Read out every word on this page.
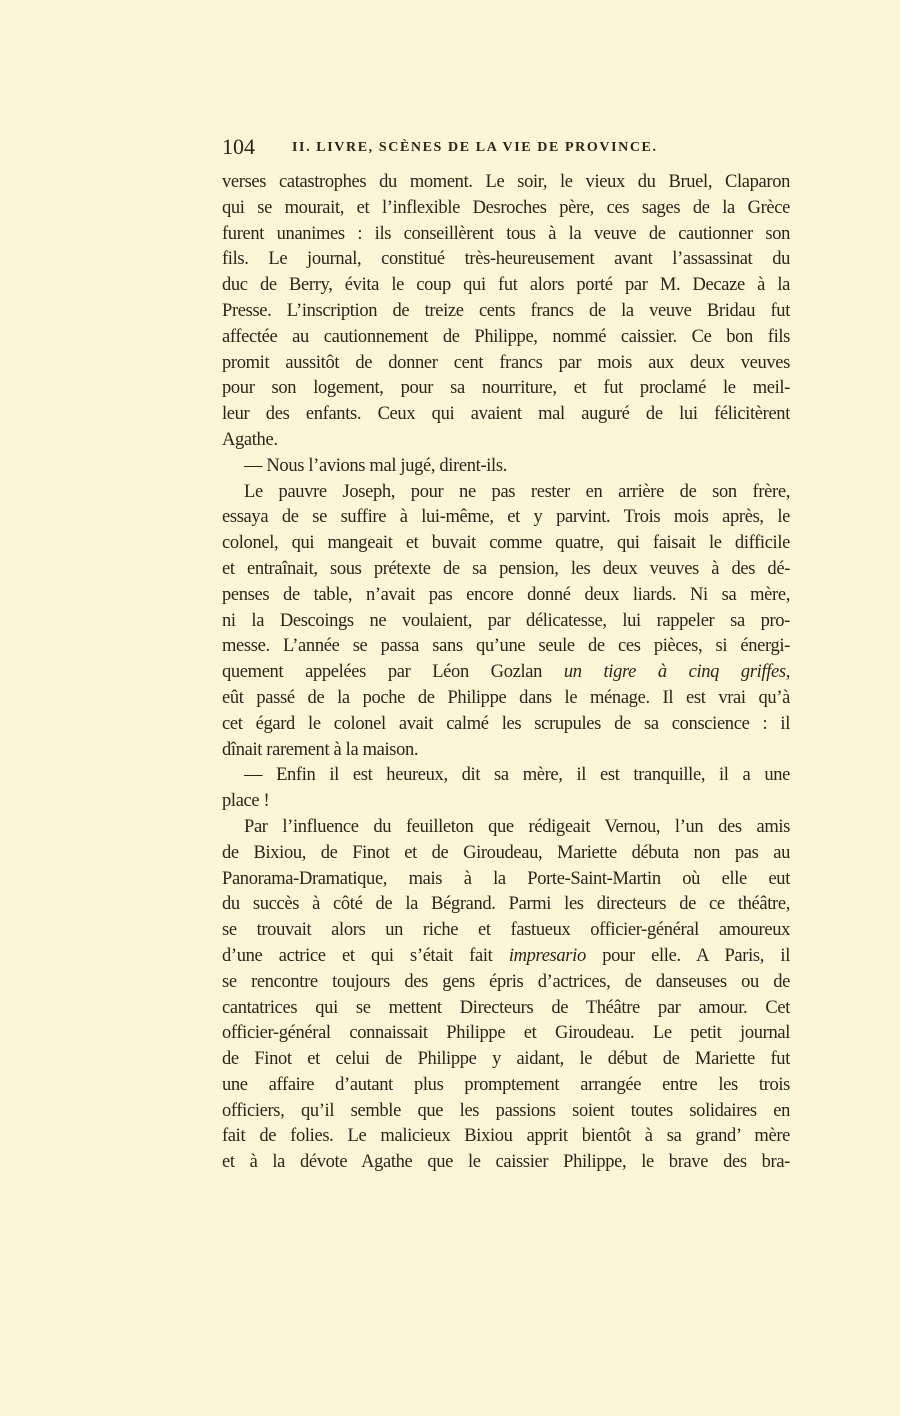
104	II. LIVRE, SCÈNES DE LA VIE DE PROVINCE.
verses catastrophes du moment. Le soir, le vieux du Bruel, Claparon
qui se mourait, et l’inflexible Desroches père, ces sages de la Grèce
furent unanimes : ils conseillèrent tous à la veuve de cautionner son
fils. Le journal, constitué très-heureusement avant l’assassinat du
duc de Berry, évita le coup qui fut alors porté par M. Decaze à la
Presse. L’inscription de treize cents francs de la veuve Bridau fut
affectée au cautionnement de Philippe, nommé caissier. Ce bon fils
promit aussitôt de donner cent francs par mois aux deux veuves
pour son logement, pour sa nourriture, et fut proclamé le meil-
leur des enfants. Ceux qui avaient mal auguré de lui félicitèrent
Agathe.
— Nous l’avions mal jugé, dirent-ils.
Le pauvre Joseph, pour ne pas rester en arrière de son frère,
essaya de se suffire à lui-même, et y parvint. Trois mois après, le
colonel, qui mangeait et buvait comme quatre, qui faisait le difficile
et entraînait, sous prétexte de sa pension, les deux veuves à des dé-
penses de table, n’avait pas encore donné deux liards. Ni sa mère,
ni la Descoings ne voulaient, par délicatesse, lui rappeler sa pro-
messe. L’année se passa sans qu’une seule de ces pièces, si énergi-
quement appelées par Léon Gozlan un tigre à cinq griffes,
eût passé de la poche de Philippe dans le ménage. Il est vrai qu’à
cet égard le colonel avait calmé les scrupules de sa conscience : il
dînait rarement à la maison.
— Enfin il est heureux, dit sa mère, il est tranquille, il a une
place !
Par l’influence du feuilleton que rédigeait Vernou, l’un des amis
de Bixiou, de Finot et de Giroudeau, Mariette débuta non pas au
Panorama-Dramatique, mais à la Porte-Saint-Martin où elle eut
du succès à côté de la Bégrand. Parmi les directeurs de ce théâtre,
se trouvait alors un riche et fastueux officier-général amoureux
d’une actrice et qui s’était fait impresario pour elle. A Paris, il
se rencontre toujours des gens épris d’actrices, de danseuses ou de
cantatrices qui se mettent Directeurs de Théâtre par amour. Cet
officier-général connaissait Philippe et Giroudeau. Le petit journal
de Finot et celui de Philippe y aidant, le début de Mariette fut
une affaire d’autant plus promptement arrangée entre les trois
officiers, qu’il semble que les passions soient toutes solidaires en
fait de folies. Le malicieux Bixiou apprit bientôt à sa grand’ mère
et à la dévote Agathe que le caissier Philippe, le brave des bra-
